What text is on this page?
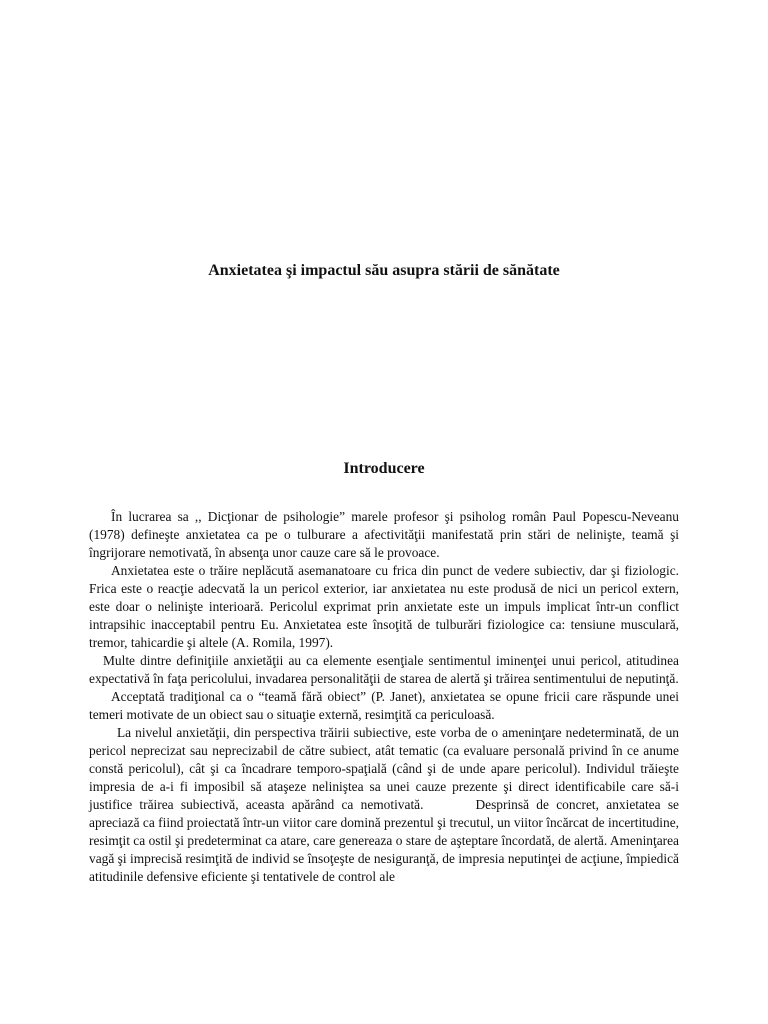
Anxietatea şi impactul său asupra stării de sănătate
Introducere

În lucrarea sa ,, Dicţionar de psihologie” marele profesor şi psiholog român Paul Popescu-Neveanu (1978) defineşte anxietatea ca pe o tulburare a afectivităţii manifestată prin stări de nelinişte, teamă şi îngrijorare nemotivată, în absenţa unor cauze care să le provoace.

Anxietatea este o trăire neplăcută asemanatoare cu frica din punct de vedere subiectiv, dar şi fiziologic. Frica este o reacţie adecvată la un pericol exterior, iar anxietatea nu este produsă de nici un pericol extern, este doar o nelinişte interioară. Pericolul exprimat prin anxietate este un impuls implicat într-un conflict intrapsihic inacceptabil pentru Eu. Anxietatea este însoţită de tulburări fiziologice ca: tensiune musculară, tremor, tahicardie şi altele (A. Romila, 1997).

Multe dintre definiţiile anxietăţii au ca elemente esenţiale sentimentul iminenţei unui pericol, atitudinea expectativă în faţa pericolului, invadarea personalităţii de starea de alertă şi trăirea sentimentului de neputinţă.

Acceptată tradiţional ca o “teamă fără obiect” (P. Janet), anxietatea se opune fricii care răspunde unei temeri motivate de un obiect sau o situaţie externă, resimţită ca periculoasă.

La nivelul anxietăţii, din perspectiva trăirii subiective, este vorba de o ameninţare nedeterminată, de un pericol neprecizat sau neprecizabil de către subiect, atât tematic (ca evaluare personală privind în ce anume constă pericolul), cât şi ca încadrare temporo-spaţială (când şi de unde apare pericolul). Individul trăieşte impresia de a-i fi imposibil să ataşeze neliniştea sa unei cauze prezente şi direct identificabile care să-i justifice trăirea subiectivă, aceasta apărând ca nemotivată.	Desprinsă de concret, anxietatea se apreciază ca fiind proiectată într-un viitor care domină prezentul şi trecutul, un viitor încărcat de incertitudine, resimţit ca ostil şi predeterminat ca atare, care genereaza o stare de aşteptare încordată, de alertă. Ameninţarea vagă şi imprecisă resimţită de individ se însoţeşte de nesiguranţă, de impresia neputinţei de acţiune, împiedică atitudinile defensive eficiente şi tentativele de control ale
